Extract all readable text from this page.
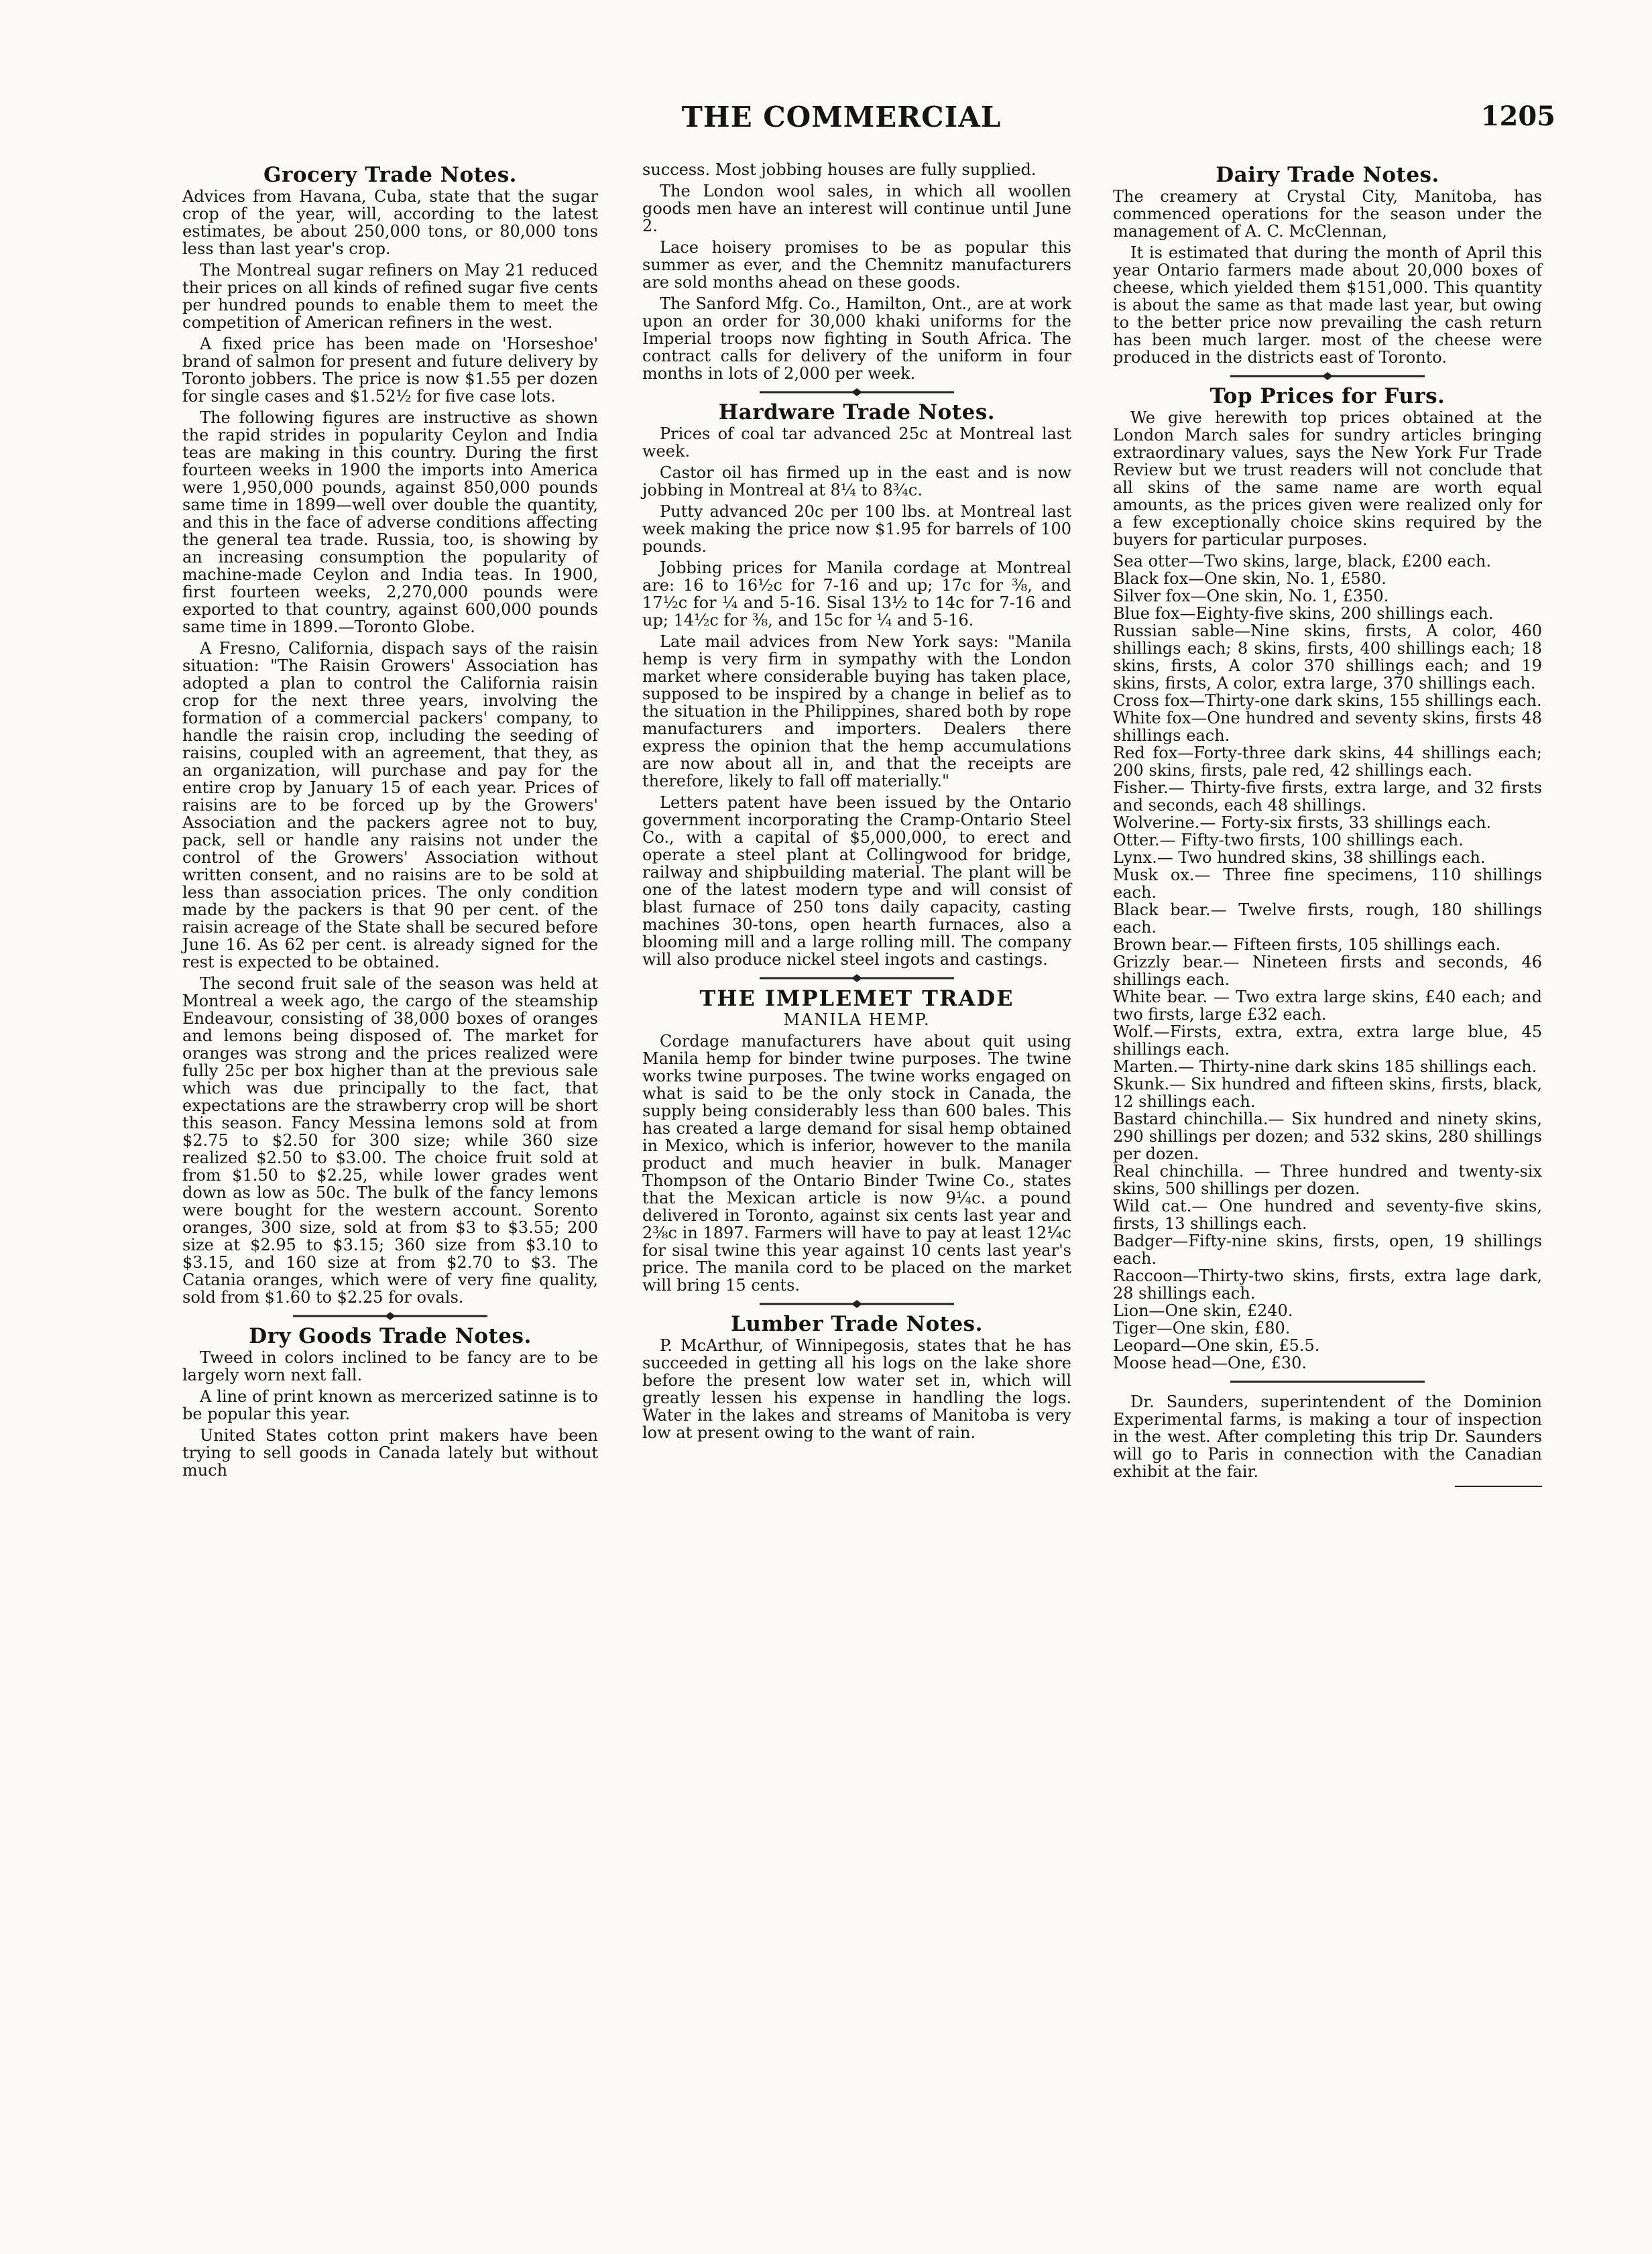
THE COMMERCIAL	1205
Grocery Trade Notes.

Advices from Havana, Cuba, state that the sugar crop of the year, will, according to the latest estimates, be about 250,000 tons, or 80,000 tons less than last year's crop.

The Montreal sugar refiners on May 21 reduced their prices on all kinds of refined sugar five cents per hundred pounds to enable them to meet the competition of American refiners in the west.

A fixed price has been made on 'Horseshoe' brand of salmon for present and future delivery by Toronto jobbers. The price is now $1.55 per dozen for single cases and $1.52½ for five case lots.

The following figures are instructive as shown the rapid strides in popularity Ceylon and India teas are making in this country. During the first fourteen weeks in 1900 the imports into America were 1,950,000 pounds, against 850,000 pounds same time in 1899—well over double the quantity, and this in the face of adverse conditions affecting the general tea trade. Russia, too, is showing by an increasing consumption the popularity of machine-made Ceylon and India teas. In 1900, first fourteen weeks, 2,270,000 pounds were exported to that country, against 600,000 pounds same time in 1899.—Toronto Globe.

A Fresno, California, dispach says of the raisin situation: "The Raisin Growers' Association has adopted a plan to control the California raisin crop for the next three years, involving the formation of a commercial packers' company, to handle the raisin crop, including the seeding of raisins, coupled with an agreement, that they, as an organization, will purchase and pay for the entire crop by January 15 of each year. Prices of raisins are to be forced up by the Growers' Association and the packers agree not to buy, pack, sell or handle any raisins not under the control of the Growers' Association without written consent, and no raisins are to be sold at less than association prices. The only condition made by the packers is that 90 per cent. of the raisin acreage of the State shall be secured before June 16. As 62 per cent. is already signed for the rest is expected to be obtained.

The second fruit sale of the season was held at Montreal a week ago, the cargo of the steamship Endeavour, consisting of 38,000 boxes of oranges and lemons being disposed of. The market for oranges was strong and the prices realized were fully 25c per box higher than at the previous sale which was due principally to the fact, that expectations are the strawberry crop will be short this season. Fancy Messina lemons sold at from $2.75 to $2.50 for 300 size; while 360 size realized $2.50 to $3.00. The choice fruit sold at from $1.50 to $2.25, while lower grades went down as low as 50c. The bulk of the fancy lemons were bought for the western account. Sorento oranges, 300 size, sold at from $3 to $3.55; 200 size at $2.95 to $3.15; 360 size from $3.10 to $3.15, and 160 size at from $2.70 to $3. The Catania oranges, which were of very fine quality, sold from $1.60 to $2.25 for ovals.

Dry Goods Trade Notes.

Tweed in colors inclined to be fancy are to be largely worn next fall.

A line of print known as mercerized satinne is to be popular this year.

United States cotton print makers have been trying to sell goods in Canada lately but without much

success. Most jobbing houses are fully supplied.

The London wool sales, in which all woollen goods men have an interest will continue until June 2.

Lace hoisery promises to be as popular this summer as ever, and the Chemnitz manufacturers are sold months ahead on these goods.

The Sanford Mfg. Co., Hamilton, Ont., are at work upon an order for 30,000 khaki uniforms for the Imperial troops now fighting in South Africa. The contract calls for delivery of the uniform in four months in lots of 2,000 per week.

Hardware Trade Notes.

Prices of coal tar advanced 25c at Montreal last week.

Castor oil has firmed up in the east and is now jobbing in Montreal at 8¼ to 8¾c.

Putty advanced 20c per 100 lbs. at Montreal last week making the price now $1.95 for barrels of 100 pounds.

Jobbing prices for Manila cordage at Montreal are: 16 to 16½c for 7-16 and up; 17c for ⅜, and 17½c for ¼ and 5-16. Sisal 13½ to 14c for 7-16 and up; 14½c for ⅜, and 15c for ¼ and 5-16.

Late mail advices from New York says: "Manila hemp is very firm in sympathy with the London market where considerable buying has taken place, supposed to be inspired by a change in belief as to the situation in the Philippines, shared both by rope manufacturers and importers. Dealers there express the opinion that the hemp accumulations are now about all in, and that the receipts are therefore, likely to fall off materially."

Letters patent have been issued by the Ontario government incorporating the Cramp-Ontario Steel Co., with a capital of $5,000,000, to erect and operate a steel plant at Collingwood for bridge, railway and shipbuilding material. The plant will be one of the latest modern type and will consist of blast furnace of 250 tons daily capacity, casting machines 30-tons, open hearth furnaces, also a blooming mill and a large rolling mill. The company will also produce nickel steel ingots and castings.

THE IMPLEMET TRADE
MANILA HEMP.

Cordage manufacturers have about quit using Manila hemp for binder twine purposes. The twine works twine purposes. The twine works engaged on what is said to be the only stock in Canada, the supply being considerably less than 600 bales. This has created a large demand for sisal hemp obtained in Mexico, which is inferior, however to the manila product and much heavier in bulk. Manager Thompson of the Ontario Binder Twine Co., states that the Mexican article is now 9¼c. a pound delivered in Toronto, against six cents last year and 2⅜c in 1897. Farmers will have to pay at least 12¼c for sisal twine this year against 10 cents last year's price. The manila cord to be placed on the market will bring 15 cents.

Lumber Trade Notes.

P. McArthur, of Winnipegosis, states that he has succeeded in getting all his logs on the lake shore before the present low water set in, which will greatly lessen his expense in handling the logs. Water in the lakes and streams of Manitoba is very low at present owing to the want of rain.

Dairy Trade Notes.

The creamery at Crystal City, Manitoba, has commenced operations for the season under the management of A. C. McClennan,

It is estimated that during the month of April this year Ontario farmers made about 20,000 boxes of cheese, which yielded them $151,000. This quantity is about the same as that made last year, but owing to the better price now prevailing the cash return has been much larger. most of the cheese were produced in the districts east of Toronto.

Top Prices for Furs.

We give herewith top prices obtained at the London March sales for sundry articles bringing extraordinary values, says the New York Fur Trade Review but we trust readers will not conclude that all skins of the same name are worth equal amounts, as the prices given were realized only for a few exceptionally choice skins required by the buyers for particular purposes.

Sea otter—Two skins, large, black, £200 each.

Black fox—One skin, No. 1, £580.

Silver fox—One skin, No. 1, £350.

Blue fox—Eighty-five skins, 200 shillings each.

Russian sable—Nine skins, firsts, A color, 460 shillings each; 8 skins, firsts, 400 shillings each; 18 skins, firsts, A color 370 shillings each; and 19 skins, firsts, A color, extra large, 370 shillings each.

Cross fox—Thirty-one dark skins, 155 shillings each.

White fox—One hundred and seventy skins, firsts 48 shillings each.

Red fox—Forty-three dark skins, 44 shillings each; 200 skins, firsts, pale red, 42 shillings each.

Fisher.— Thirty-five firsts, extra large, and 32 firsts and seconds, each 48 shillings.

Wolverine.— Forty-six firsts, 33 shillings each.

Otter.— Fifty-two firsts, 100 shillings each.

Lynx.— Two hundred skins, 38 shillings each.

Musk ox.— Three fine specimens, 110 shillings each.

Black bear.— Twelve firsts, rough, 180 shillings each.

Brown bear.— Fifteen firsts, 105 shillings each.

Grizzly bear.— Nineteen firsts and seconds, 46 shillings each.

White bear. — Two extra large skins, £40 each; and two firsts, large £32 each.

Wolf.—Firsts, extra, extra, extra large blue, 45 shillings each.

Marten.— Thirty-nine dark skins 185 shillings each.

Skunk.— Six hundred and fifteen skins, firsts, black, 12 shillings each.

Bastard chinchilla.— Six hundred and ninety skins, 290 shillings per dozen; and 532 skins, 280 shillings per dozen.

Real chinchilla. — Three hundred and twenty-six skins, 500 shillings per dozen.

Wild cat.— One hundred and seventy-five skins, firsts, 13 shillings each.

Badger—Fifty-nine skins, firsts, open, 19 shillings each.

Raccoon—Thirty-two skins, firsts, extra lage dark, 28 shillings each.

Lion—One skin, £240.

Tiger—One skin, £80.

Leopard—One skin, £5.5.

Moose head—One, £30.

Dr. Saunders, superintendent of the Dominion Experimental farms, is making a tour of inspection in the west. After completing this trip Dr. Saunders will go to Paris in connection with the Canadian exhibit at the fair.
